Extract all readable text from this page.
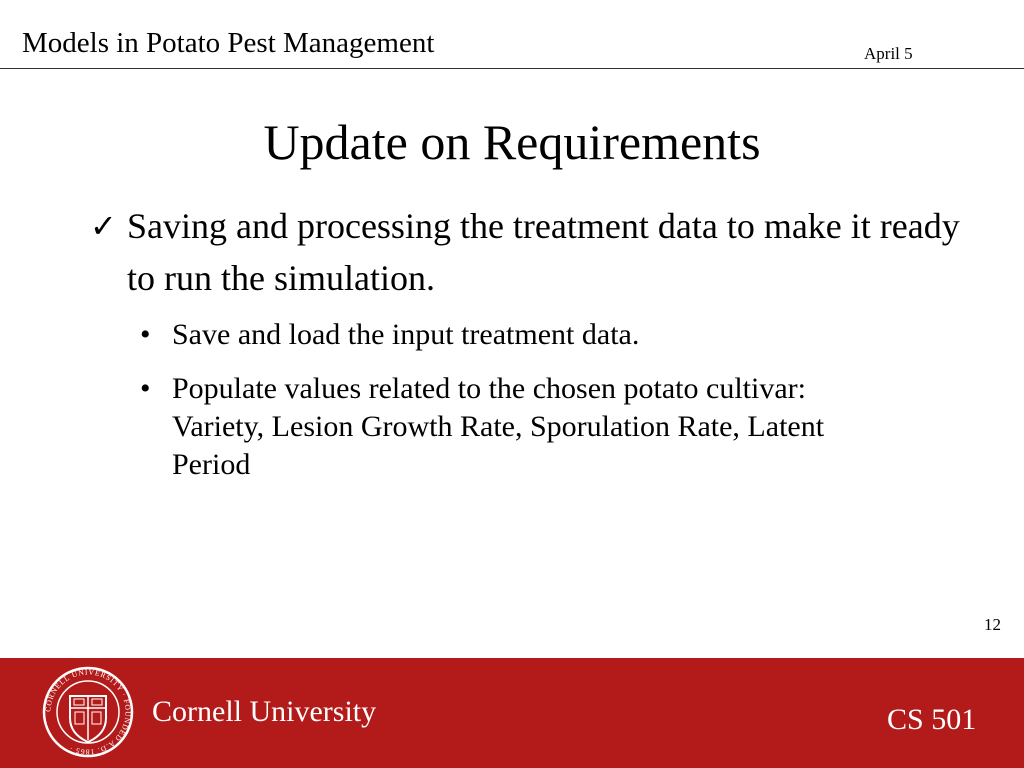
Models in Potato Pest Management	April 5
Update on Requirements
✓ Saving and processing the treatment data to make it ready to run the simulation.
• Save and load the input treatment data.
• Populate values related to the chosen potato cultivar: Variety, Lesion Growth Rate, Sporulation Rate, Latent Period
12
CORNELL UNIVERSITY · FOUNDED A.D. 1865 ·
Cornell University	CS 501
